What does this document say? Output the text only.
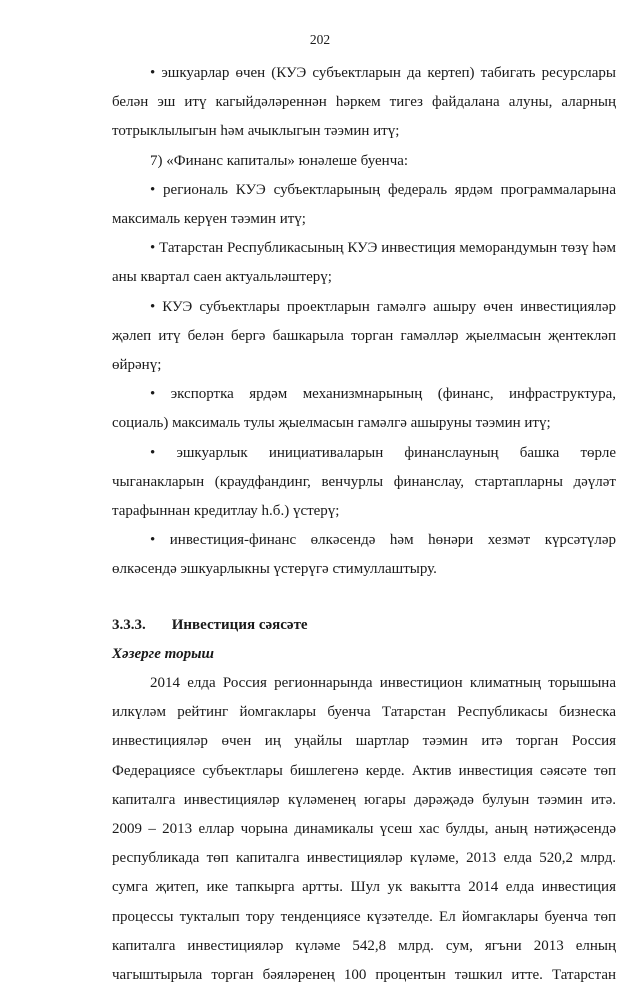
202

• эшкуарлар өчен (КУЭ субъектларын да кертеп) табигать ресурслары белән эш итү кагыйдәләреннән һәркем тигез файдалана алуны, аларның тотрыклылыгын һәм ачыклыгын тәэмин итү;

7) «Финанс капиталы» юнәлеше буенча:

• региональ КУЭ субъектларының федераль ярдәм программаларына максималь керүен тәэмин итү;

• Татарстан Республикасының КУЭ инвестиция меморандумын төзү һәм аны квартал саен актуальләштерү;

• КУЭ субъектлары проектларын гамәлгә ашыру өчен инвестицияләр җәлеп итү белән бергә башкарыла торган гамәлләр җыелмасын җентекләп өйрәнү;

• экспортка ярдәм механизмнарының (финанс, инфраструктура, социаль) максималь тулы җыелмасын гамәлгә ашыруны тәэмин итү;

• эшкуарлык инициативаларын финанслауның башка төрле чыганакларын (краудфандинг, венчурлы финанслау, стартапларны дәүләт тарафыннан кредитлау һ.б.) үстерү;

• инвестиция-финанс өлкәсендә һәм һөнәри хезмәт күрсәтүләр өлкәсендә эшкуарлыкны үстерүгә стимуллаштыру.

3.3.3. Инвестиция сәясәте

Хәзерге торыш

2014 елда Россия регионнарында инвестицион климатның торышына илкүләм рейтинг йомгаклары буенча Татарстан Республикасы бизнеска инвестицияләр өчен иң уңайлы шартлар тәэмин итә торган Россия Федерациясе субъектлары бишлегенә керде. Актив инвестиция сәясәте төп капиталга инвестицияләр күләменең югары дәрәҗәдә булуын тәэмин итә. 2009 – 2013 еллар чорына динамикалы үсеш хас булды, аның нәтиҗәсендә республикада төп капиталга инвестицияләр күләме, 2013 елда 520,2 млрд. сумга җитеп, ике тапкырга артты. Шул ук вакытта 2014 елда инвестиция процессы тукталып тору тенденциясе күзәтелде. Ел йомгаклары буенча төп капиталга инвестицияләр күләме 542,8 млрд. сум, ягъни 2013 елның чагыштырыла торган бәяләренең 100 процентын тәшкил итте. Татарстан
